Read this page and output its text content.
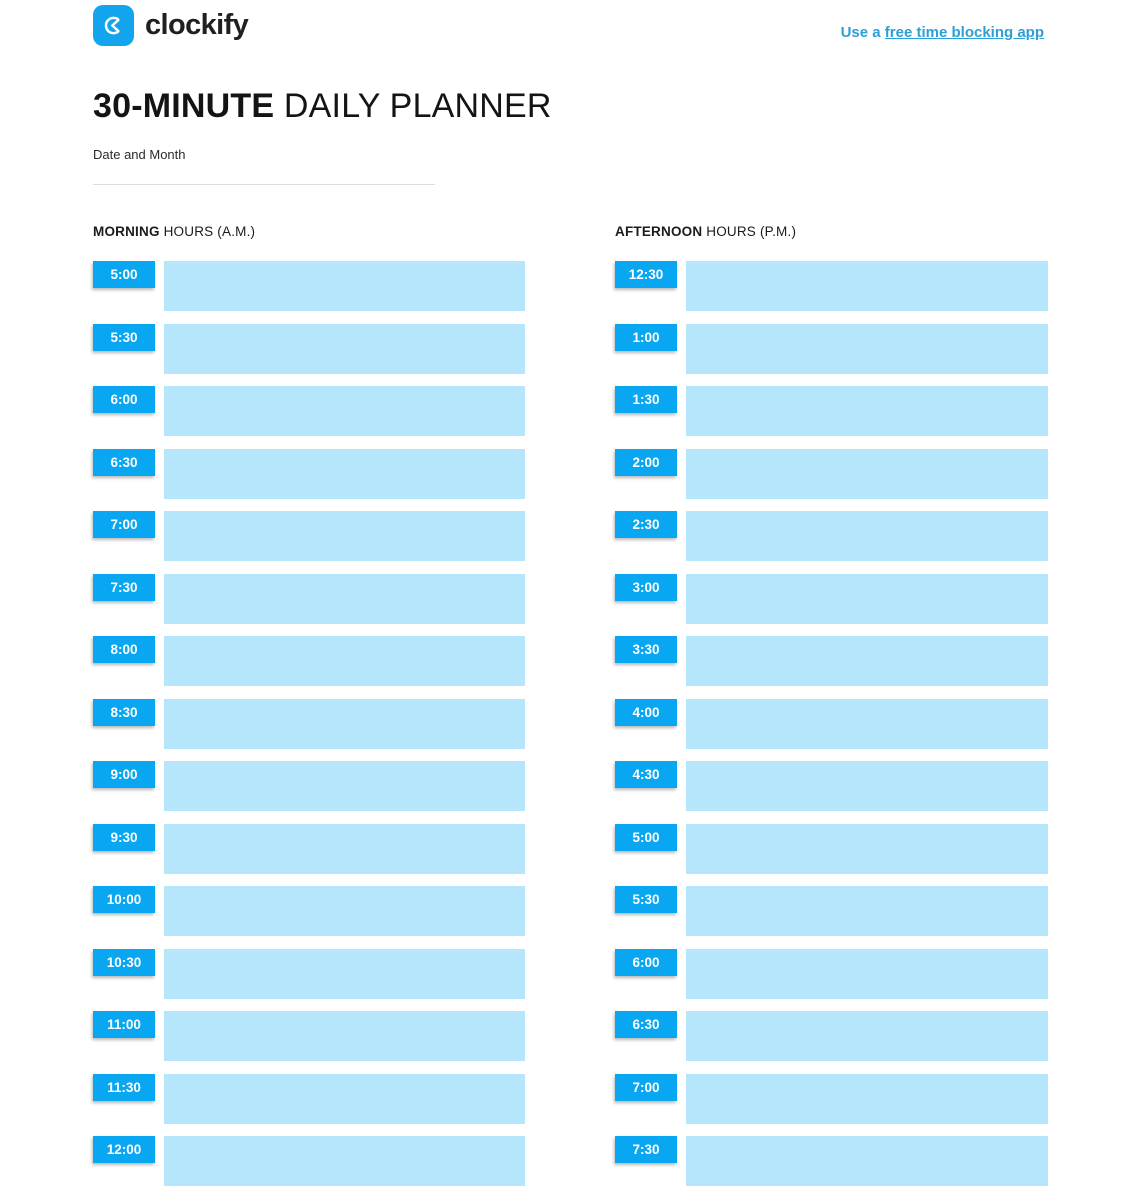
clockify	Use a free time blocking app
30-MINUTE DAILY PLANNER
Date and Month
MORNING HOURS (A.M.)
5:00
5:30
6:00
6:30
7:00
7:30
8:00
8:30
9:00
9:30
10:00
10:30
11:00
11:30
12:00
AFTERNOON HOURS (P.M.)
12:30
1:00
1:30
2:00
2:30
3:00
3:30
4:00
4:30
5:00
5:30
6:00
6:30
7:00
7:30
